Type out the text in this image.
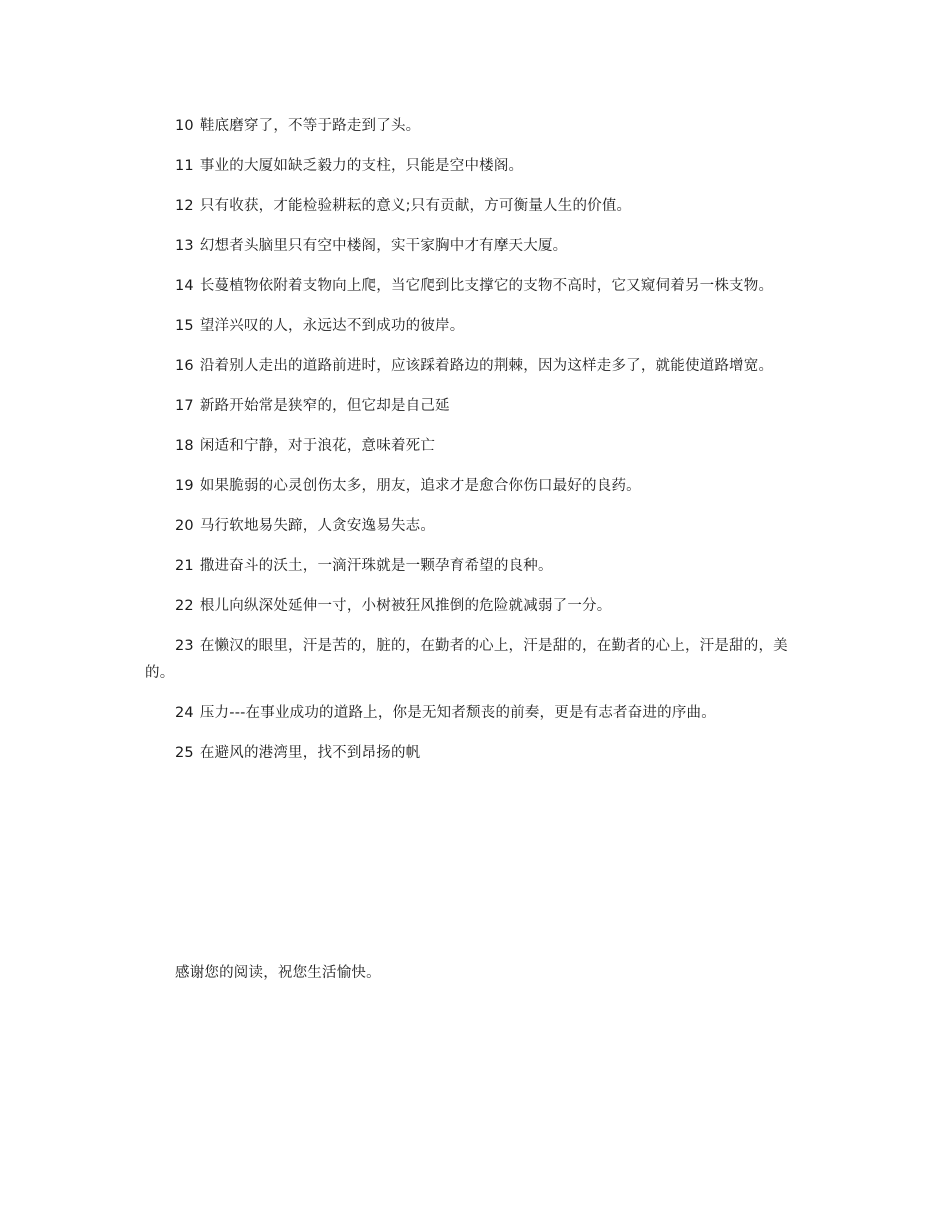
10 鞋底磨穿了，不等于路走到了头。

11 事业的大厦如缺乏毅力的支柱，只能是空中楼阁。

12 只有收获，才能检验耕耘的意义;只有贡献，方可衡量人生的价值。

13 幻想者头脑里只有空中楼阁，实干家胸中才有摩天大厦。

14 长蔓植物依附着支物向上爬，当它爬到比支撑它的支物不高时，它又窥伺着另一株支物。

15 望洋兴叹的人，永远达不到成功的彼岸。

16 沿着别人走出的道路前进时，应该踩着路边的荆棘，因为这样走多了，就能使道路增宽。

17 新路开始常是狭窄的，但它却是自己延

18 闲适和宁静，对于浪花，意味着死亡

19 如果脆弱的心灵创伤太多，朋友，追求才是愈合你伤口最好的良药。

20 马行软地易失蹄，人贪安逸易失志。

21 撒进奋斗的沃土，一滴汗珠就是一颗孕育希望的良种。

22 根儿向纵深处延伸一寸，小树被狂风推倒的危险就减弱了一分。

23 在懒汉的眼里，汗是苦的，脏的，在勤者的心上，汗是甜的，在勤者的心上，汗是甜的，美的。

24 压力---在事业成功的道路上，你是无知者颓丧的前奏，更是有志者奋进的序曲。

25 在避风的港湾里，找不到昂扬的帆

感谢您的阅读，祝您生活愉快。
